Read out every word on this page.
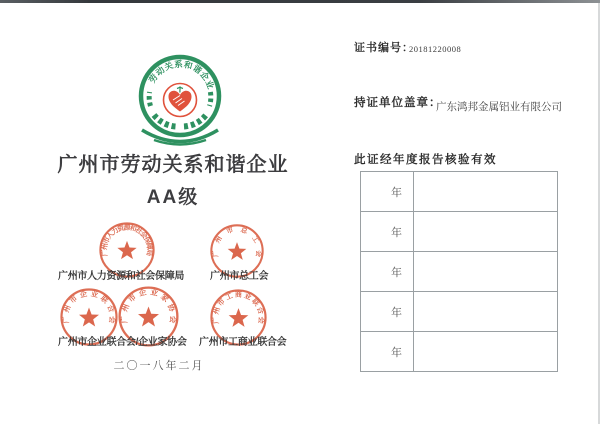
劳动关系和谐企业
广州市劳动关系和谐企业
AA级
广州市人力资源和社会保障局	广州市总工会
广州市企业联合会 广州市企业家协会	广州市工商业联合会
广州市人力资源和社会保障局	广州市总工会
广州市企业联合会/企业家协会 广州市工商业联合会
二〇一八年二月
证书编号：
20181220008
持证单位盖章：
广东鸿邦金属铝业有限公司
此证经年度报告核验有效
年	
年	
年	
年	
年	
